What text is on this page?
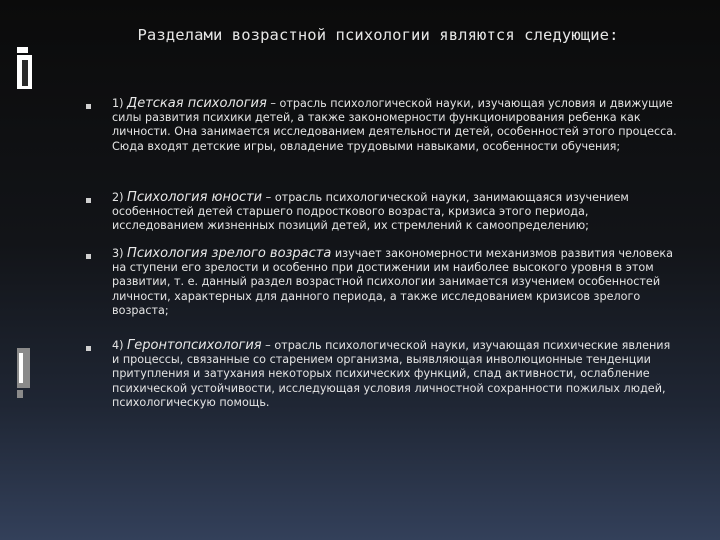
Разделами возрастной психологии являются следующие:
1) Детская психология – отрасль психологической науки, изучающая условия и движущие силы развития психики детей, а также закономерности функционирования ребенка как личности. Она занимается исследованием деятельности детей, особенностей этого процесса. Сюда входят детские игры, овладение трудовыми навыками, особенности обучения;
2) Психология юности – отрасль психологической науки, занимающаяся изучением особенностей детей старшего подросткового возраста, кризиса этого периода, исследованием жизненных позиций детей, их стремлений к самоопределению;
3) Психология зрелого возраста изучает закономерности механизмов развития человека на ступени его зрелости и особенно при достижении им наиболее высокого уровня в этом развитии, т. е. данный раздел возрастной психологии занимается изучением особенностей личности, характерных для данного периода, а также исследованием кризисов зрелого возраста;
4) Геронтопсихология – отрасль психологической науки, изучающая психические явления и процессы, связанные со старением организма, выявляющая инволюционные тенденции притупления и затухания некоторых психических функций, спад активности, ослабление психической устойчивости, исследующая условия личностной сохранности пожилых людей, психологическую помощь.
